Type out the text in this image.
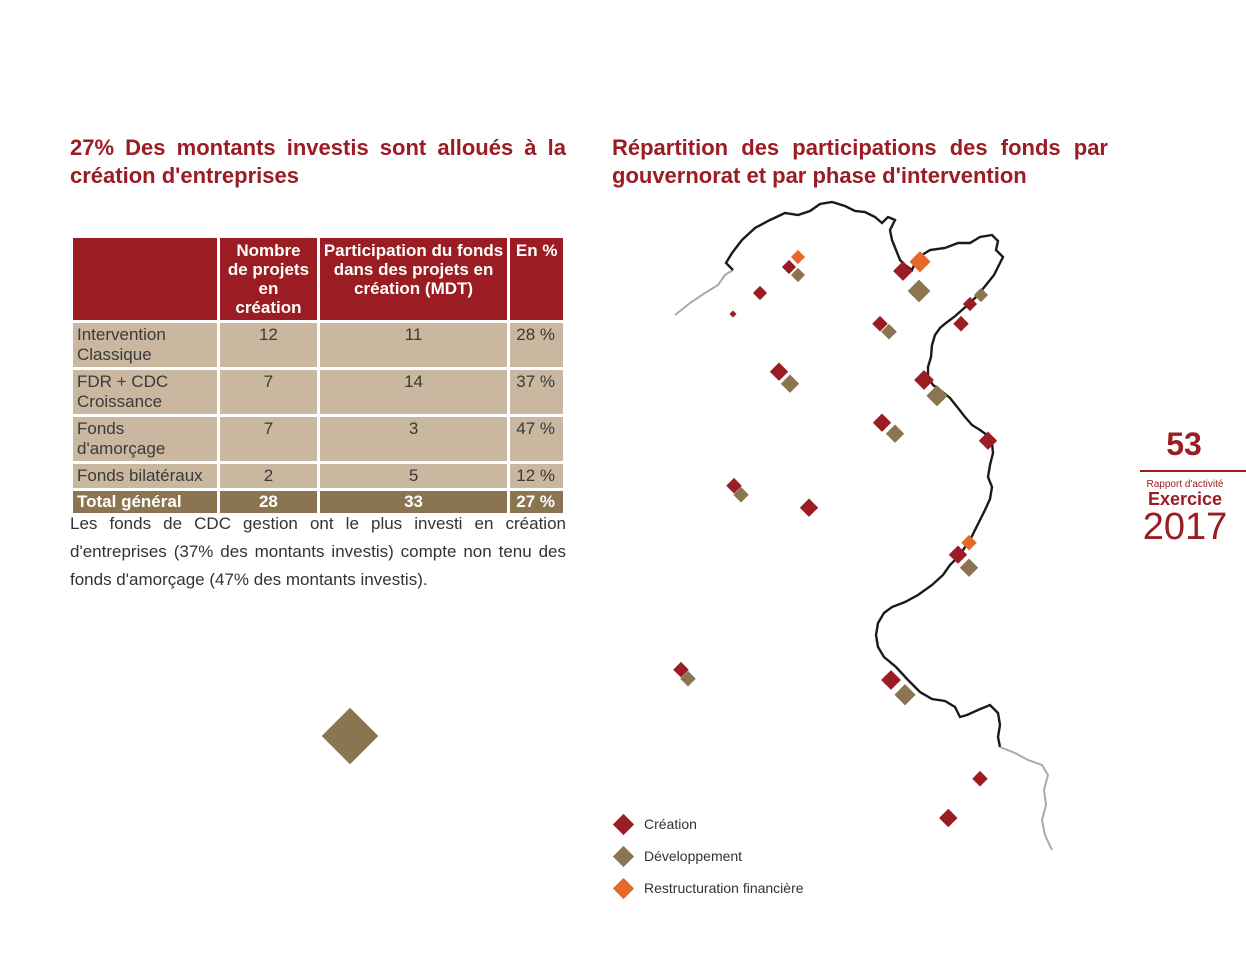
27% Des montants investis sont alloués à la création d'entreprises
Répartition des participations des fonds par gouvernorat et par phase d'intervention
	Nombre de projets en création	Participation du fonds dans des projets en création (MDT)	En %
Intervention Classique	12	11	28 %
FDR + CDC Croissance	7	14	37 %
Fonds d'amorçage	7	3	47 %
Fonds bilatéraux	2	5	12 %
Total général	28	33	27 %

Les fonds de CDC gestion ont le plus investi en création d'entreprises (37% des montants investis) compte non tenu des fonds d'amorçage (47% des montants investis).

Création
Développement
Restructuration financière
53
Rapport d'activité
Exercice
2017
